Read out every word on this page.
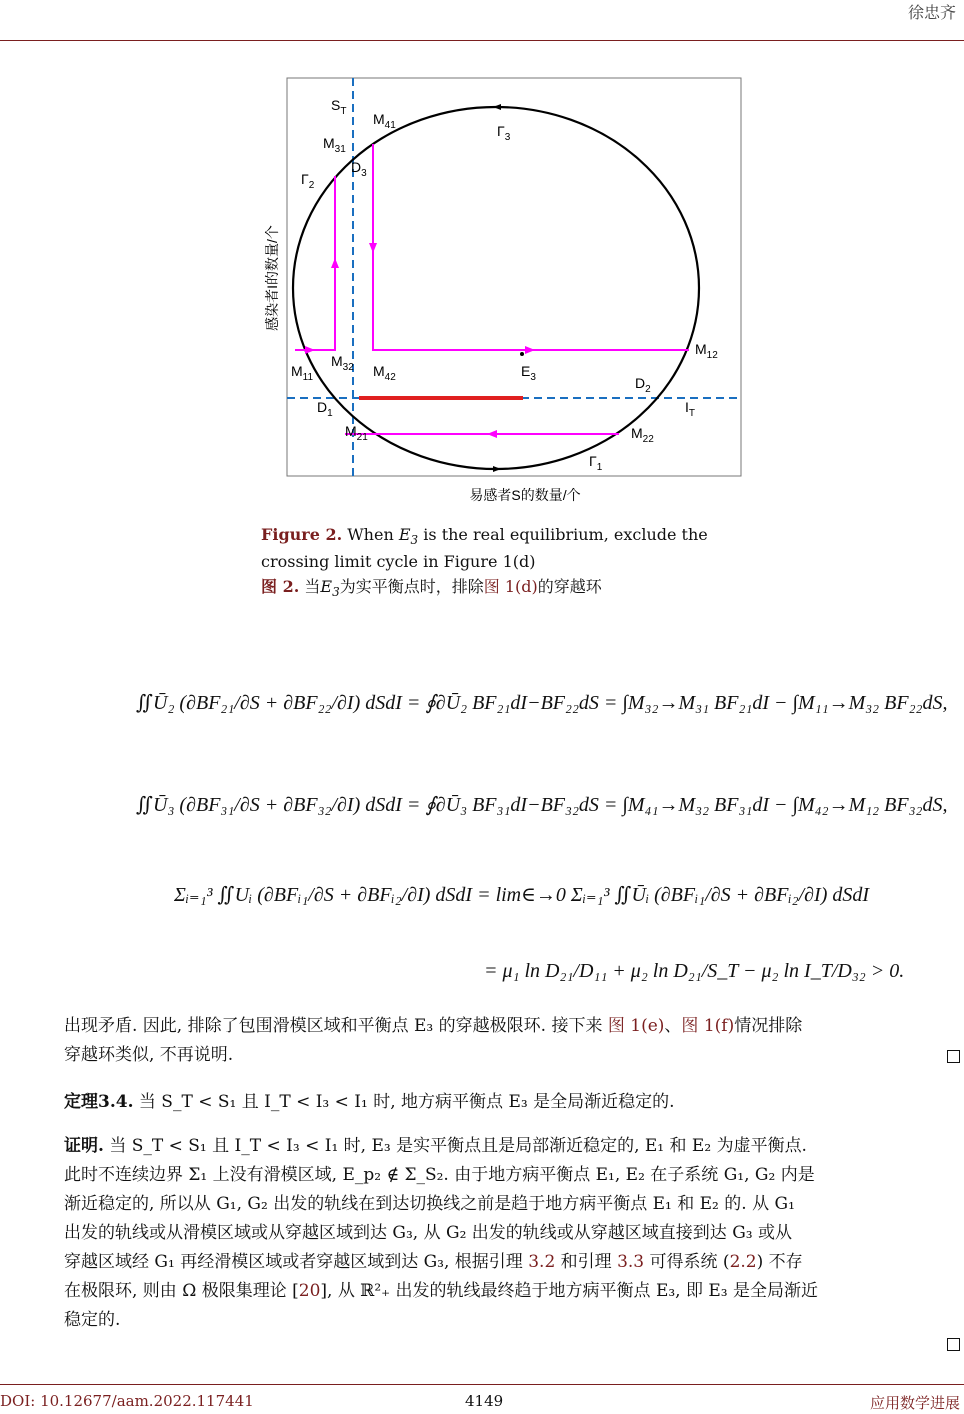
徐忠齐
易感者S的数量/个
感染者I的数量/个
$S_T$ $M_{41}$
$M_{31}$
$D_3$
$\Gamma_2$
$\Gamma_3$
$M_{12}$
$M_{11}$
$M_{32}$ $M_{42}$	$E_3$	$D_2$
$I_T$
$D_1$
$M_{21}$	$M_{22}$
$\Gamma_1$
Figure 2. When $E_3$ is the real equilibrium, exclude the crossing limit cycle in Figure 1(d)
图 2. 当$E_3$为实平衡点时，排除图 1(d)的穿越环
∬Ū₂ (∂BF₂₁/∂S + ∂BF₂₂/∂I) dSdI = ∮∂Ū₂ BF₂₁dI−BF₂₂dS = ∫M₃₂→M₃₁ BF₂₁dI − ∫M₁₁→M₃₂ BF₂₂dS,
∬Ū₃ (∂BF₃₁/∂S + ∂BF₃₂/∂I) dSdI = ∮∂Ū₃ BF₃₁dI−BF₃₂dS = ∫M₄₁→M₃₂ BF₃₁dI − ∫M₄₂→M₁₂ BF₃₂dS,
Σᵢ₌₁³ ∬Uᵢ (∂BFᵢ₁/∂S + ∂BFᵢ₂/∂I) dSdI = lim∈→0 Σᵢ₌₁³ ∬Ūᵢ (∂BFᵢ₁/∂S + ∂BFᵢ₂/∂I) dSdI
= μ₁ ln D₂₁/D₁₁ + μ₂ ln D₂₁/S_T − μ₂ ln I_T/D₃₂ > 0.
出现矛盾. 因此, 排除了包围滑模区域和平衡点 E₃ 的穿越极限环. 接下来 图 1(e)、图 1(f)情况排除
穿越环类似, 不再说明.
定理3.4. 当 S_T < S₁ 且 I_T < I₃ < I₁ 时, 地方病平衡点 E₃ 是全局渐近稳定的.
证明. 当 S_T < S₁ 且 I_T < I₃ < I₁ 时, E₃ 是实平衡点且是局部渐近稳定的, E₁ 和 E₂ 为虚平衡点.
此时不连续边界 Σ₁ 上没有滑模区域, E_p₂ ∉ Σ_S₂. 由于地方病平衡点 E₁, E₂ 在子系统 G₁, G₂ 内是
渐近稳定的, 所以从 G₁, G₂ 出发的轨线在到达切换线之前是趋于地方病平衡点 E₁ 和 E₂ 的. 从 G₁
出发的轨线或从滑模区域或从穿越区域到达 G₃, 从 G₂ 出发的轨线或从穿越区域直接到达 G₃ 或从
穿越区域经 G₁ 再经滑模区域或者穿越区域到达 G₃, 根据引理 3.2 和引理 3.3 可得系统 (2.2) 不存
在极限环, 则由 Ω 极限集理论 [20], 从 ℝ²₊ 出发的轨线最终趋于地方病平衡点 E₃, 即 E₃ 是全局渐近
稳定的.
DOI: 10.12677/aam.2022.117441	4149	应用数学进展
